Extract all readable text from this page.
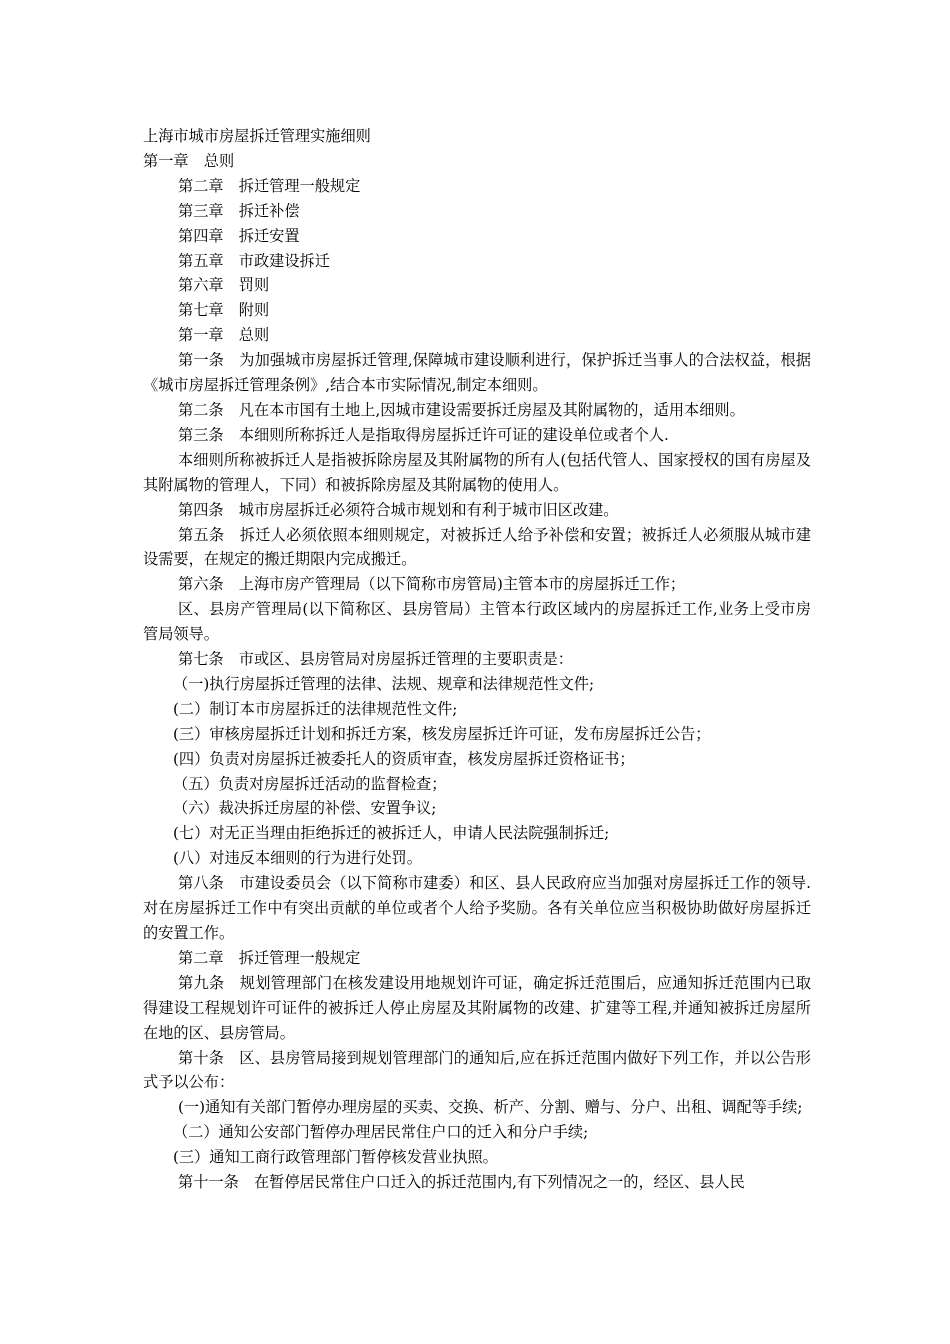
上海市城市房屋拆迁管理实施细则
第一章　总则
第二章　拆迁管理一般规定
第三章　拆迁补偿
第四章　拆迁安置
第五章　市政建设拆迁
第六章　罚则
第七章　附则
第一章　总则

第一条　为加强城市房屋拆迁管理,保障城市建设顺利进行，保护拆迁当事人的合法权益，根据《城市房屋拆迁管理条例》,结合本市实际情况,制定本细则。

第二条　凡在本市国有土地上,因城市建设需要拆迁房屋及其附属物的，适用本细则。

第三条　本细则所称拆迁人是指取得房屋拆迁许可证的建设单位或者个人.

本细则所称被拆迁人是指被拆除房屋及其附属物的所有人(包括代管人、国家授权的国有房屋及其附属物的管理人，下同）和被拆除房屋及其附属物的使用人。

第四条　城市房屋拆迁必须符合城市规划和有利于城市旧区改建。

第五条　拆迁人必须依照本细则规定，对被拆迁人给予补偿和安置；被拆迁人必须服从城市建设需要，在规定的搬迁期限内完成搬迁。

第六条　上海市房产管理局（以下简称市房管局)主管本市的房屋拆迁工作；

区、县房产管理局(以下简称区、县房管局）主管本行政区域内的房屋拆迁工作,业务上受市房管局领导。

第七条　市或区、县房管局对房屋拆迁管理的主要职责是：

（一)执行房屋拆迁管理的法律、法规、规章和法律规范性文件;
(二）制订本市房屋拆迁的法律规范性文件;
(三）审核房屋拆迁计划和拆迁方案，核发房屋拆迁许可证，发布房屋拆迁公告；
(四）负责对房屋拆迁被委托人的资质审查，核发房屋拆迁资格证书；
（五）负责对房屋拆迁活动的监督检查；
（六）裁决拆迁房屋的补偿、安置争议;
(七）对无正当理由拒绝拆迁的被拆迁人，申请人民法院强制拆迁;
(八）对违反本细则的行为进行处罚。

第八条　市建设委员会（以下简称市建委）和区、县人民政府应当加强对房屋拆迁工作的领导.对在房屋拆迁工作中有突出贡献的单位或者个人给予奖励。各有关单位应当积极协助做好房屋拆迁的安置工作。

第二章　拆迁管理一般规定

第九条　规划管理部门在核发建设用地规划许可证，确定拆迁范围后，应通知拆迁范围内已取得建设工程规划许可证件的被拆迁人停止房屋及其附属物的改建、扩建等工程,并通知被拆迁房屋所在地的区、县房管局。

第十条　区、县房管局接到规划管理部门的通知后,应在拆迁范围内做好下列工作，并以公告形式予以公布：

(一)通知有关部门暂停办理房屋的买卖、交换、析产、分割、赠与、分户、出租、调配等手续;

（二）通知公安部门暂停办理居民常住户口的迁入和分户手续;
(三）通知工商行政管理部门暂停核发营业执照。
第十一条　在暂停居民常住户口迁入的拆迁范围内,有下列情况之一的，经区、县人民
